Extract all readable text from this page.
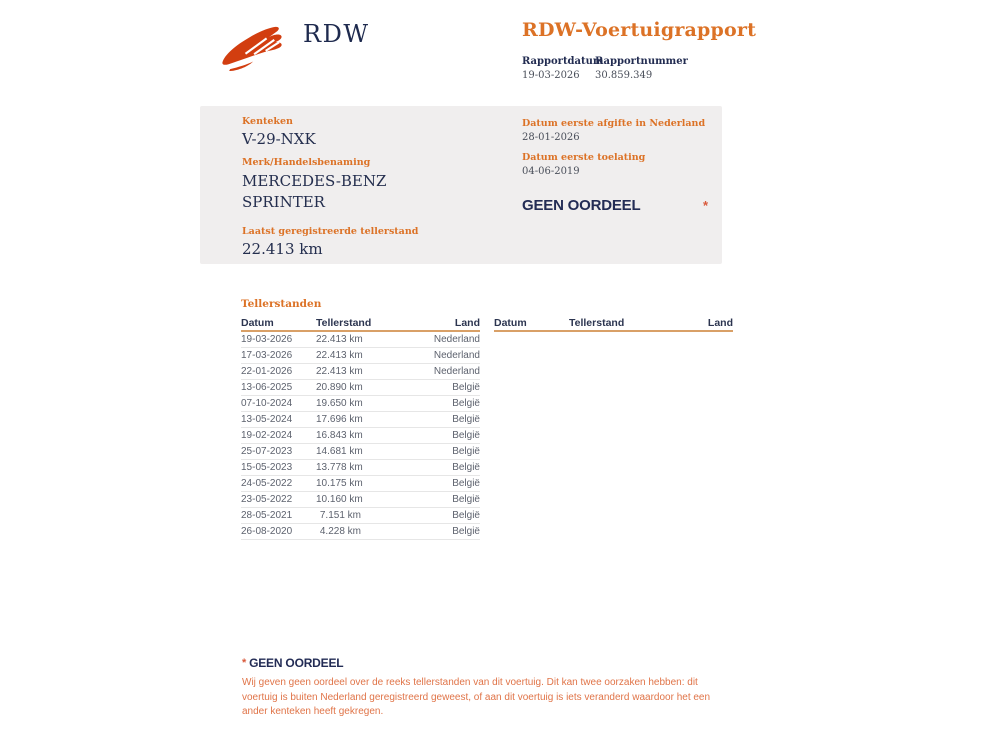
RDW	RDW-Voertuigrapport
Rapportdatum
19-03-2026
Rapportnummer
30.859.349
Kenteken
V-29-NXK
Merk/Handelsbenaming
MERCEDES-BENZ
SPRINTER
Laatst geregistreerde tellerstand
22.413 km
Datum eerste afgifte in Nederland
28-01-2026
Datum eerste toelating
04-06-2019
GEEN OORDEEL	*
Tellerstanden
Datum	Tellerstand	Land
19-03-2026	22.413 km	Nederland
17-03-2026	22.413 km	Nederland
22-01-2026	22.413 km	Nederland
13-06-2025	20.890 km	België
07-10-2024	19.650 km	België
13-05-2024	17.696 km	België
19-02-2024	16.843 km	België
25-07-2023	14.681 km	België
15-05-2023	13.778 km	België
24-05-2022	10.175 km	België
23-05-2022	10.160 km	België
28-05-2021	7.151 km	België
26-08-2020	4.228 km	België
Datum	Tellerstand	Land
* GEEN OORDEEL
Wij geven geen oordeel over de reeks tellerstanden van dit voertuig. Dit kan twee oorzaken hebben: dit voertuig is buiten Nederland geregistreerd geweest, of aan dit voertuig is iets veranderd waardoor het een ander kenteken heeft gekregen.
